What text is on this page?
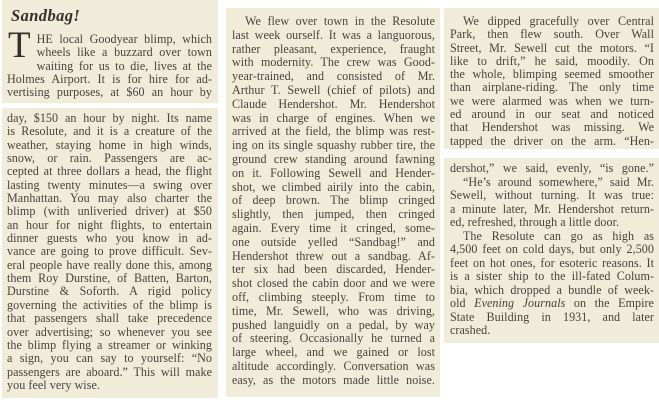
Sandbag!
T HE local Goodyear blimp, which
wheels like a buzzard over town
waiting for us to die, lives at the
Holmes Airport. It is for hire for ad-
vertising purposes, at $60 an hour by
day, $150 an hour by night. Its name
is Resolute, and it is a creature of the
weather, staying home in high winds,
snow, or rain. Passengers are ac-
cepted at three dollars a head, the flight
lasting twenty minutes—a swing over
Manhattan. You may also charter the
blimp (with unliveried driver) at $50
an hour for night flights, to entertain
dinner guests who you know in ad-
vance are going to prove difficult. Sev-
eral people have really done this, among
them Roy Durstine, of Batten, Barton,
Durstine & Soforth. A rigid policy
governing the activities of the blimp is
that passengers shall take precedence
over advertising; so whenever you see
the blimp flying a streamer or winking
a sign, you can say to yourself: “No
passengers are aboard.” This will make
you feel very wise.
We flew over town in the Resolute
last week ourself. It was a languorous,
rather pleasant, experience, fraught
with modernity. The crew was Good-
year-trained, and consisted of Mr.
Arthur T. Sewell (chief of pilots) and
Claude Hendershot. Mr. Hendershot
was in charge of engines. When we
arrived at the field, the blimp was rest-
ing on its single squashy rubber tire, the
ground crew standing around fawning
on it. Following Sewell and Hender-
shot, we climbed airily into the cabin,
of deep brown. The blimp cringed
slightly, then jumped, then cringed
again. Every time it cringed, some-
one outside yelled “Sandbag!” and
Hendershot threw out a sandbag. Af-
ter six had been discarded, Hender-
shot closed the cabin door and we were
off, climbing steeply. From time to
time, Mr. Sewell, who was driving,
pushed languidly on a pedal, by way
of steering. Occasionally he turned a
large wheel, and we gained or lost
altitude accordingly. Conversation was
easy, as the motors made little noise.
We dipped gracefully over Central
Park, then flew south. Over Wall
Street, Mr. Sewell cut the motors. “I
like to drift,” he said, moodily. On
the whole, blimping seemed smoother
than airplane-riding. The only time
we were alarmed was when we turn-
ed around in our seat and noticed
that Hendershot was missing. We
tapped the driver on the arm. “Hen-
dershot,” we said, evenly, “is gone.”
“He’s around somewhere,” said Mr.
Sewell, without turning. It was true:
a minute later, Mr. Hendershot return-
ed, refreshed, through a little door.
The Resolute can go as high as
4,500 feet on cold days, but only 2,500
feet on hot ones, for esoteric reasons. It
is a sister ship to the ill-fated Colum-
bia, which dropped a bundle of week-
old Evening Journals on the Empire
State Building in 1931, and later
crashed.
